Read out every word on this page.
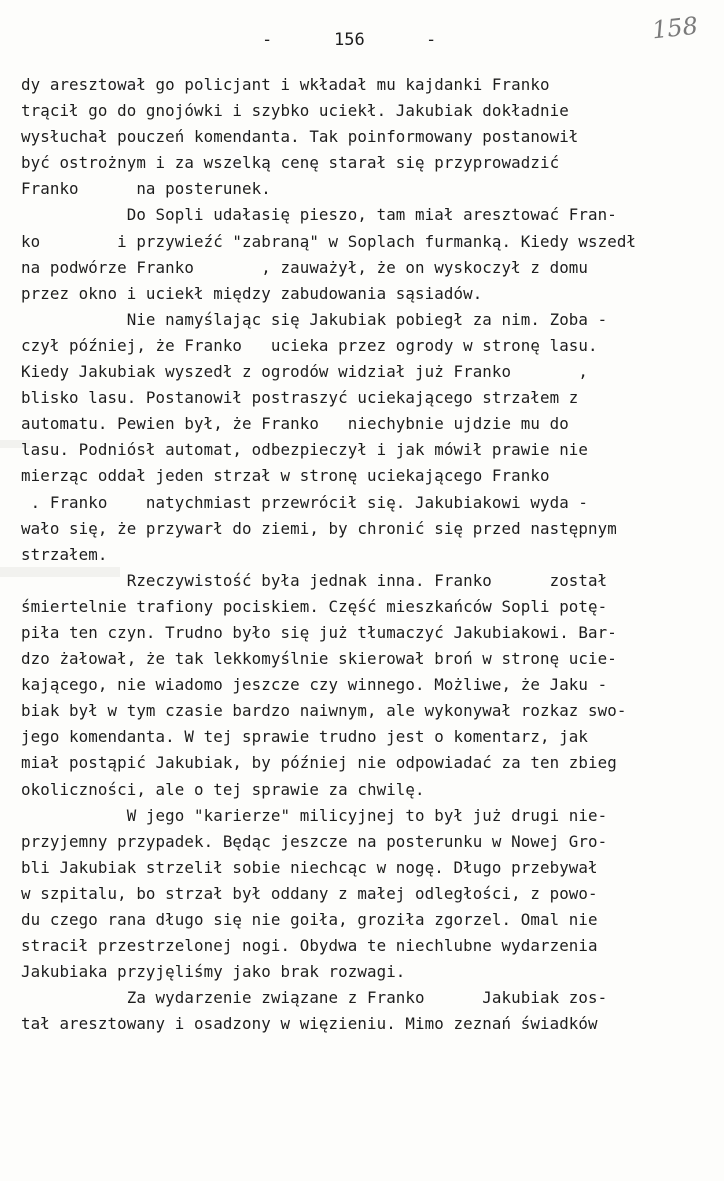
-	156	-	158
dy aresztował go policjant i wkładał mu kajdanki Franko
trącił go do gnojówki i szybko uciekł. Jakubiak dokładnie
wysłuchał pouczeń komendanta. Tak poinformowany postanowił
być ostrożnym i za wszelką cenę starał się przyprowadzić
Franko      na posterunek.
Do Sopli udałasię pieszo, tam miał aresztować Fran-
ko        i przywieźć "zabraną" w Soplach furmanką. Kiedy wszedł
na podwórze Franko       , zauważył, że on wyskoczył z domu
przez okno i uciekł między zabudowania sąsiadów.
Nie namyślając się Jakubiak pobiegł za nim. Zoba -
czył później, że Franko   ucieka przez ogrody w stronę lasu.
Kiedy Jakubiak wyszedł z ogrodów widział już Franko       ,
blisko lasu. Postanowił postraszyć uciekającego strzałem z
automatu. Pewien był, że Franko   niechybnie ujdzie mu do
lasu. Podniósł automat, odbezpieczył i jak mówił prawie nie
mierząc oddał jeden strzał w stronę uciekającego Franko
. Franko    natychmiast przewrócił się. Jakubiakowi wyda -
wało się, że przywarł do ziemi, by chronić się przed następnym
strzałem.
Rzeczywistość była jednak inna. Franko      został
śmiertelnie trafiony pociskiem. Część mieszkańców Sopli potę-
piła ten czyn. Trudno było się już tłumaczyć Jakubiakowi. Bar-
dzo żałował, że tak lekkomyślnie skierował broń w stronę ucie-
kającego, nie wiadomo jeszcze czy winnego. Możliwe, że Jaku -
biak był w tym czasie bardzo naiwnym, ale wykonywał rozkaz swo-
jego komendanta. W tej sprawie trudno jest o komentarz, jak
miał postąpić Jakubiak, by później nie odpowiadać za ten zbieg
okoliczności, ale o tej sprawie za chwilę.
W jego "karierze" milicyjnej to był już drugi nie-
przyjemny przypadek. Będąc jeszcze na posterunku w Nowej Gro-
bli Jakubiak strzelił sobie niechcąc w nogę. Długo przebywał
w szpitalu, bo strzał był oddany z małej odległości, z powo-
du czego rana długo się nie goiła, groziła zgorzel. Omal nie
stracił przestrzelonej nogi. Obydwa te niechlubne wydarzenia
Jakubiaka przyjęliśmy jako brak rozwagi.
Za wydarzenie związane z Franko      Jakubiak zos-
tał aresztowany i osadzony w więzieniu. Mimo zeznań świadków
